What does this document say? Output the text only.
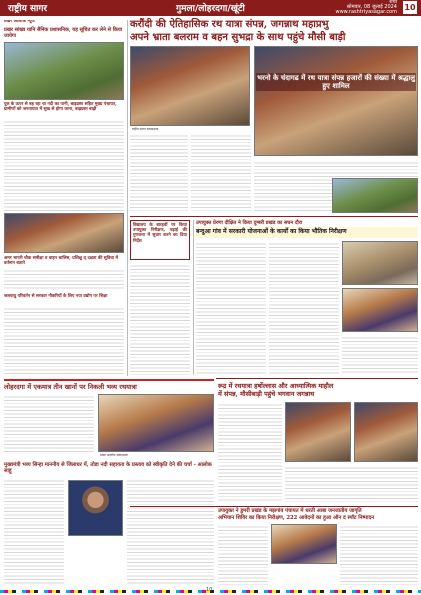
राष्ट्रीय सागर	गुमला/लोहरदगा/खूंटी
रांची
सोमवार, 08 जुलाई 2024
www.rashtriyasagar.com 10
करौंदी की ऐतिहासिक रथ यात्रा संपन्न, जगन्नाथ महाप्रभु
अपने भ्राता बलराम व बहन सुभद्रा के साथ पहुंचे मौसी बाड़ी
प्रखर आलोक न्यूज
प्रखर सांख्य यानि सैनिक प्रशासनिक, यह सूचित कर लेने से किया जायेगा
पुल के ऊपर से बह रहा था नदी का पानी, बाढ़ग्रस्त सहित मुख्य पंचायत, ग्रामीणों को जनतायात में सुख से होगा जाना, बाढ़ग्रस्त बाढ़ी
अमर भारती चौक समीक्षा व वाहन चालिस, प्रशिक्षु ध् दक्षता की सुविधा में वर्तमान बताते
जलवायु परिवर्तन से सरकार नौकरियों के लिए नया उद्योग पर शिक्षा
लोहरदगा में एकमात्र तीन खानों पर निकली भव्य रथयात्रा
प्रखर आलोक संवाददाता
मुख्यमंत्री भव्य सिन्हा माननीय से जिलाधर में, तोडा नदी सहायता के प्रस्ताव को स्वीकृति देने की चर्चा - आलोक साहू
राष्ट्रीय सागर संवाददाता
भरनो के चंदागढ में रथ यात्रा संपन्न हजारों की संख्या में श्रद्धालु हुए शामिल
विद्यालय के बारहवीं पर किया उपायुक्त निरीक्षण, पढ़ाई की गुणवत्ता में सुधार करने का दिया निर्देश
उपायुक्त प्रेरणा दीक्षित ने किया दुम्बरी प्रखंड का सघन दौरा
बन्दुआ गांव में सरकारी योजनाओं के कार्यों का किया भौतिक निरीक्षण
रूद्र में रथयात्रा हर्षोल्लास और आध्यात्मिक माहौल
में संपन्न, मौसीबाड़ी पहुंचे भगवान जगन्नाथ
उपायुक्त ने डुमरी प्रखंड के मझगांव पंचायत में धरती आबा जनजातीय जागृति
अभियान शिविर का किया निरीक्षण, 222 आवेदनों का हुआ ऑन द स्पॉट निष्पादन
10
